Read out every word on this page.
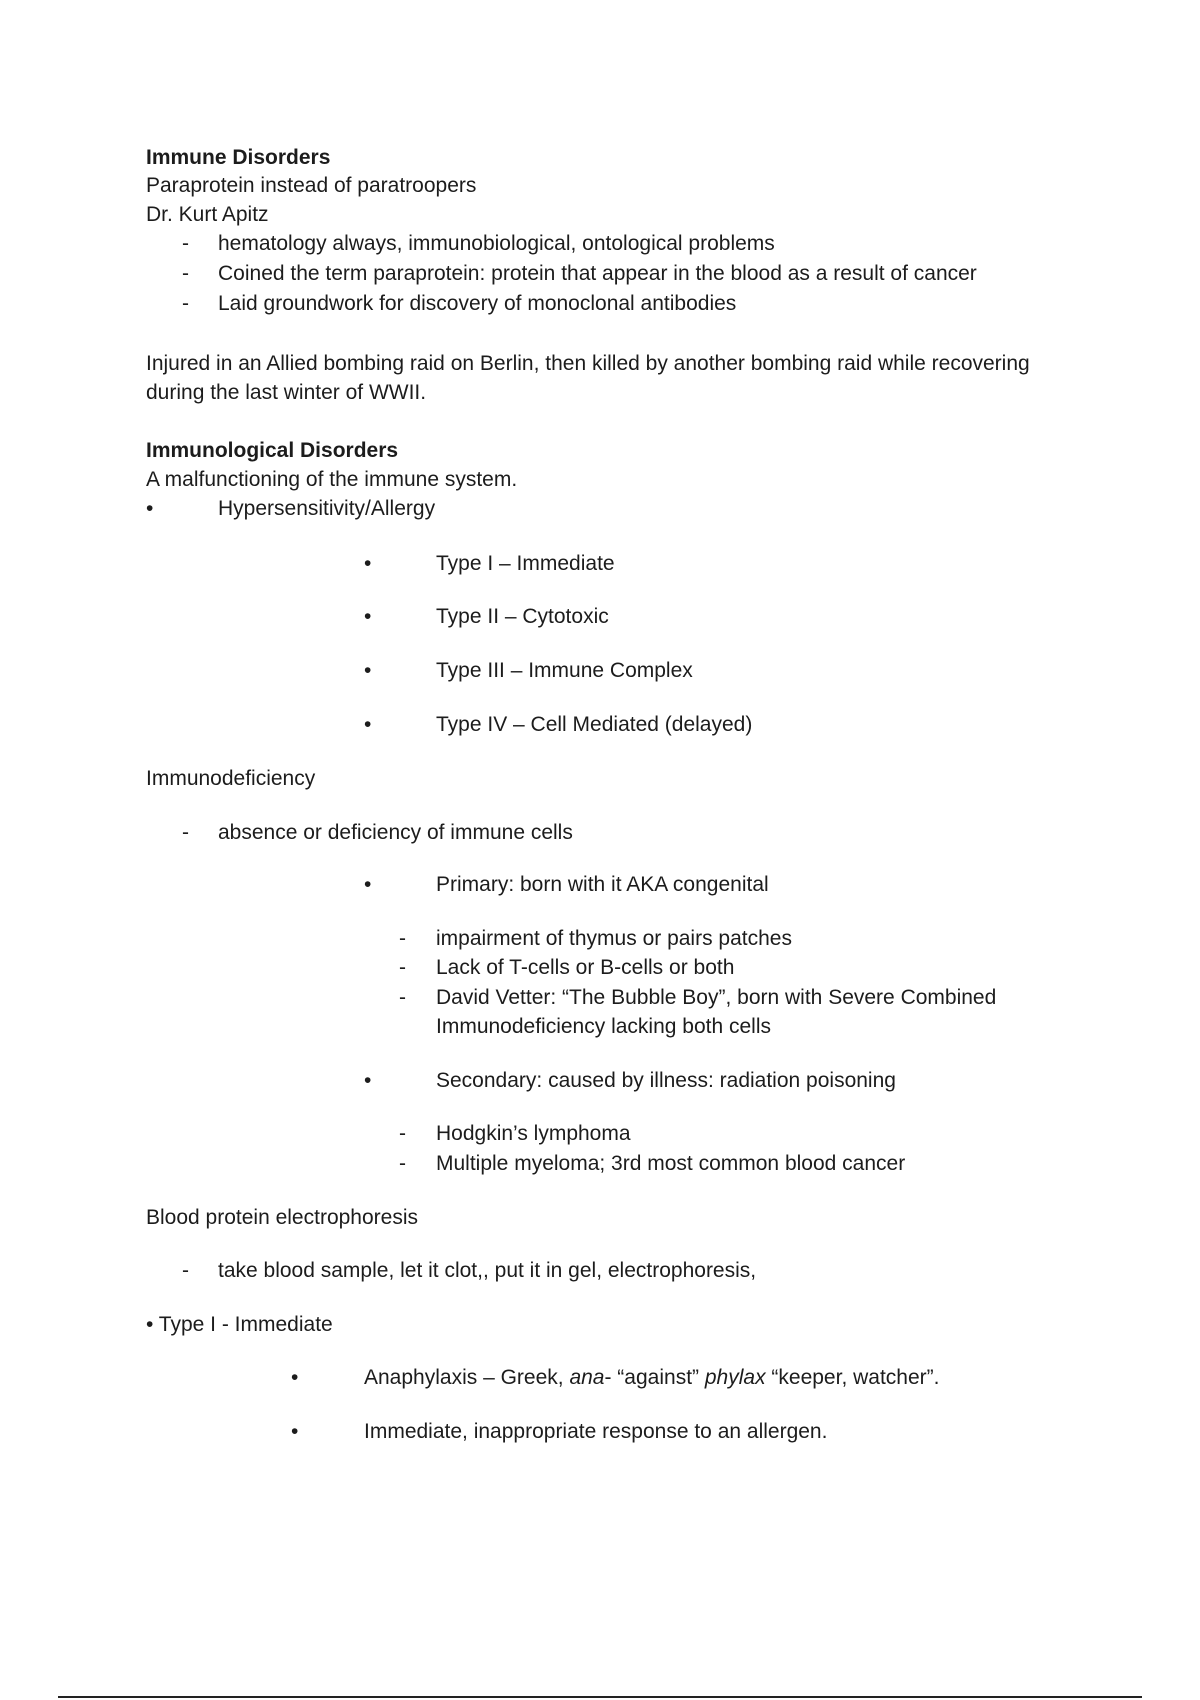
Immune Disorders
Paraprotein instead of paratroopers
Dr. Kurt Apitz
- hematology always, immunobiological, ontological problems
- Coined the term paraprotein: protein that appear in the blood as a result of cancer
- Laid groundwork for discovery of monoclonal antibodies
Injured in an Allied bombing raid on Berlin, then killed by another bombing raid while recovering
during the last winter of WWII.
Immunological Disorders
A malfunctioning of the immune system.
•	Hypersensitivity/Allergy
•	Type I – Immediate
•	Type II – Cytotoxic
•	Type III – Immune Complex
•	Type IV – Cell Mediated (delayed)
Immunodeficiency
- absence or deficiency of immune cells
•	Primary: born with it AKA congenital
- impairment of thymus or pairs patches
- Lack of T-cells or B-cells or both
- David Vetter: “The Bubble Boy”, born with Severe Combined
Immunodeficiency lacking both cells
•	Secondary: caused by illness: radiation poisoning
- Hodgkin’s lymphoma
- Multiple myeloma; 3rd most common blood cancer
Blood protein electrophoresis
- take blood sample, let it clot,, put it in gel, electrophoresis,
• Type I - Immediate
•	Anaphylaxis – Greek, ana- “against” phylax “keeper, watcher”.
•	Immediate, inappropriate response to an allergen.
